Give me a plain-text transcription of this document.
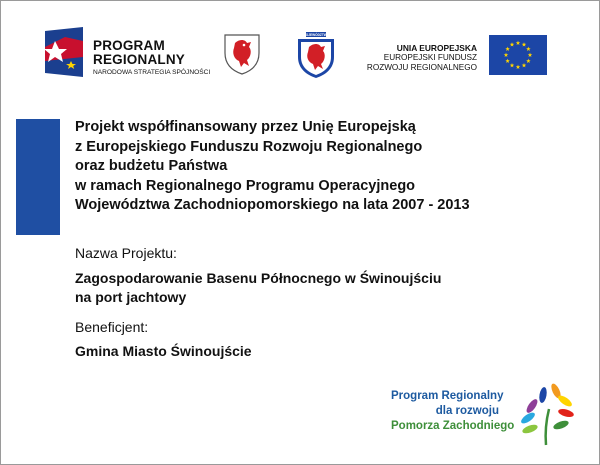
PROGRAM
REGIONALNY
NARODOWA STRATEGIA SPÓJNOŚCI
WOJEWÓDZTWO
UNIA EUROPEJSKA
EUROPEJSKI FUNDUSZ
ROZWOJU REGIONALNEGO

Projekt współfinansowany przez Unię Europejską

z Europejskiego Funduszu Rozwoju Regionalnego

oraz budżetu Państwa

w ramach Regionalnego Programu Operacyjnego

Województwa Zachodniopomorskiego na lata 2007 - 2013

Nazwa Projektu:
Zagospodarowanie Basenu Północnego w Świnoujściu
na port jachtowy
Beneficjent:
Gmina Miasto Świnoujście
Program Regionalny
dla rozwoju
Pomorza Zachodniego
